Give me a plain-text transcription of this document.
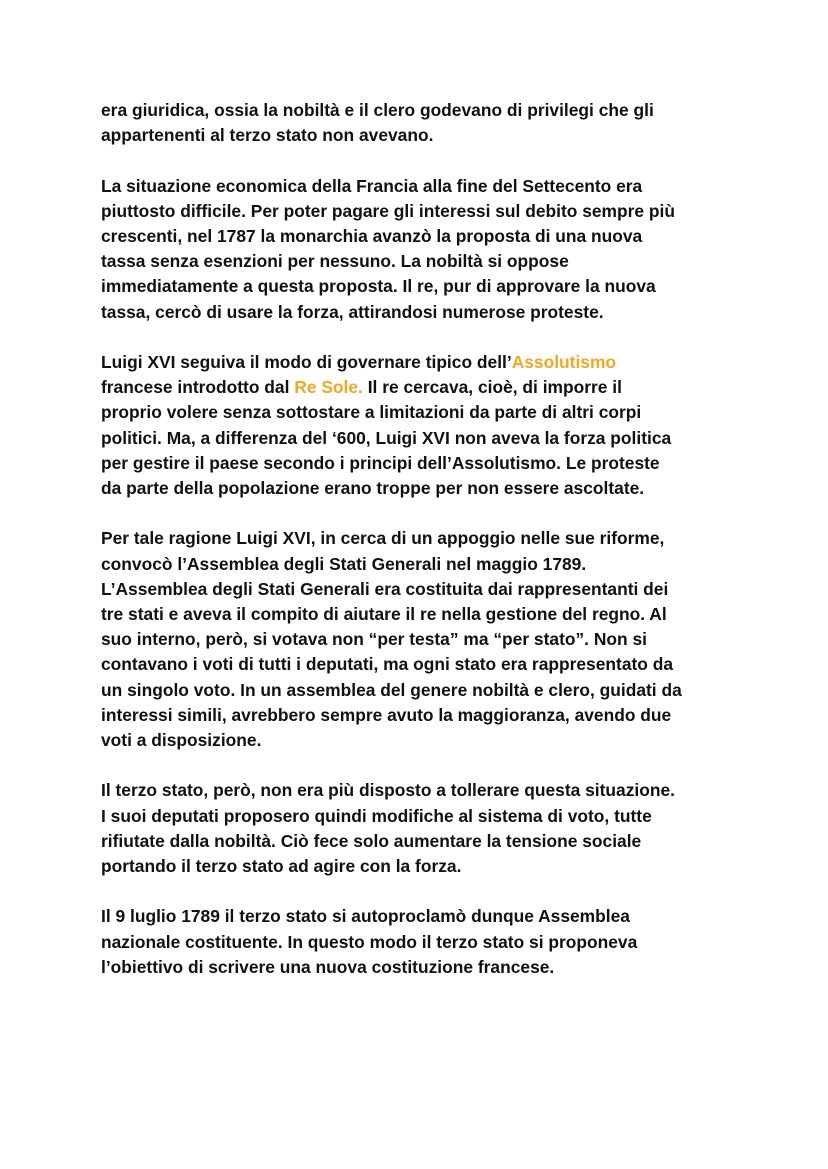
era giuridica, ossia la nobiltà e il clero godevano di privilegi che gli
appartenenti al terzo stato non avevano.

La situazione economica della Francia alla fine del Settecento era
piuttosto difficile. Per poter pagare gli interessi sul debito sempre più
crescenti, nel 1787 la monarchia avanzò la proposta di una nuova
tassa senza esenzioni per nessuno. La nobiltà si oppose
immediatamente a questa proposta. Il re, pur di approvare la nuova
tassa, cercò di usare la forza, attirandosi numerose proteste.

Luigi XVI seguiva il modo di governare tipico dell’Assolutismo
francese introdotto dal Re Sole. Il re cercava, cioè, di imporre il
proprio volere senza sottostare a limitazioni da parte di altri corpi
politici. Ma, a differenza del ‘600, Luigi XVI non aveva la forza politica
per gestire il paese secondo i principi dell’Assolutismo. Le proteste
da parte della popolazione erano troppe per non essere ascoltate.

Per tale ragione Luigi XVI, in cerca di un appoggio nelle sue riforme,
convocò l’Assemblea degli Stati Generali nel maggio 1789.
L’Assemblea degli Stati Generali era costituita dai rappresentanti dei
tre stati e aveva il compito di aiutare il re nella gestione del regno. Al
suo interno, però, si votava non “per testa” ma “per stato”. Non si
contavano i voti di tutti i deputati, ma ogni stato era rappresentato da
un singolo voto. In un assemblea del genere nobiltà e clero, guidati da
interessi simili, avrebbero sempre avuto la maggioranza, avendo due
voti a disposizione.

Il terzo stato, però, non era più disposto a tollerare questa situazione.
I suoi deputati proposero quindi modifiche al sistema di voto, tutte
rifiutate dalla nobiltà. Ciò fece solo aumentare la tensione sociale
portando il terzo stato ad agire con la forza.

Il 9 luglio 1789 il terzo stato si autoproclamò dunque Assemblea
nazionale costituente. In questo modo il terzo stato si proponeva
l’obiettivo di scrivere una nuova costituzione francese.
